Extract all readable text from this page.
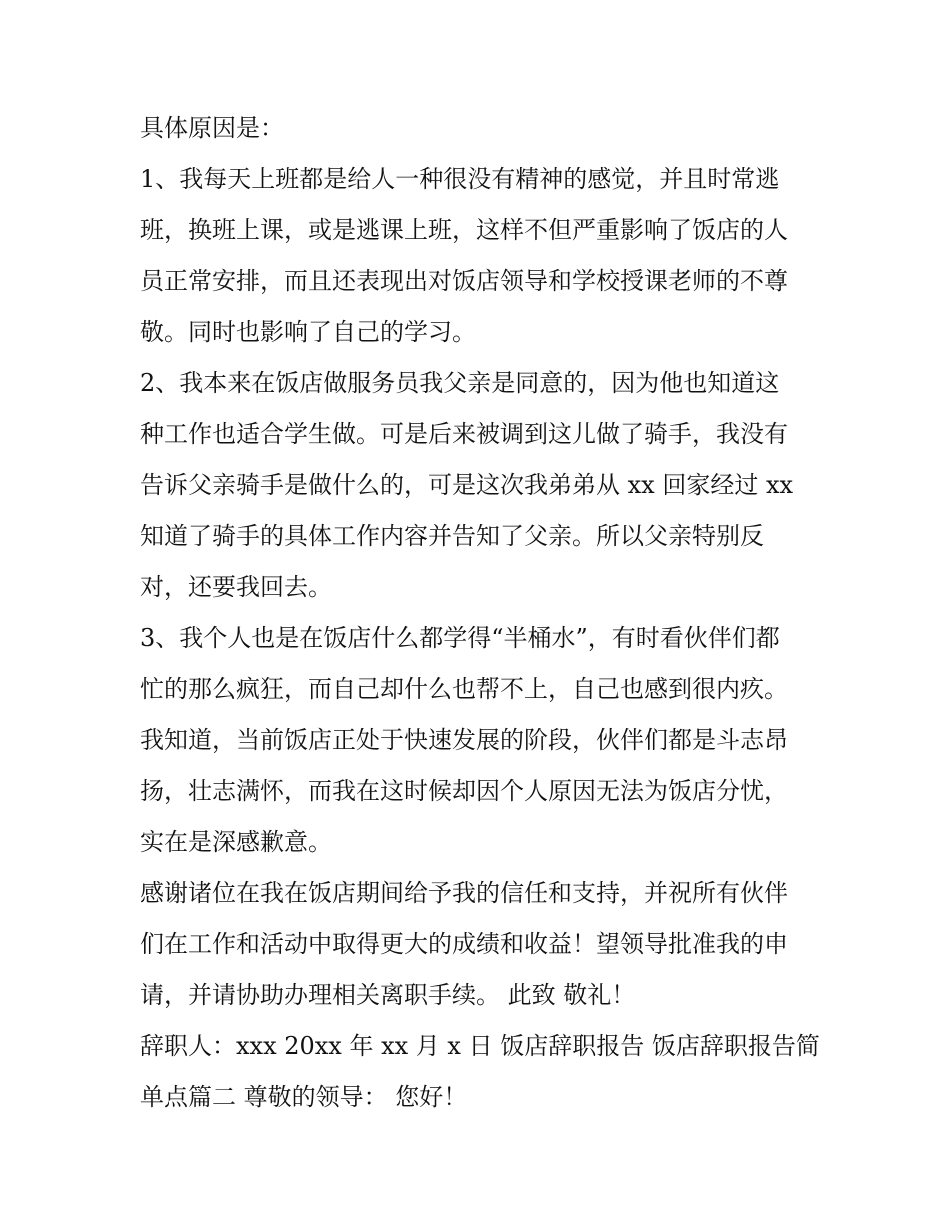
具体原因是：
1、我每天上班都是给人一种很没有精神的感觉，并且时常逃
班，换班上课，或是逃课上班，这样不但严重影响了饭店的人
员正常安排，而且还表现出对饭店领导和学校授课老师的不尊
敬。同时也影响了自己的学习。
2、我本来在饭店做服务员我父亲是同意的，因为他也知道这
种工作也适合学生做。可是后来被调到这儿做了骑手，我没有
告诉父亲骑手是做什么的，可是这次我弟弟从 xx 回家经过 xx
知道了骑手的具体工作内容并告知了父亲。所以父亲特别反
对，还要我回去。
3、我个人也是在饭店什么都学得“半桶水”，有时看伙伴们都
忙的那么疯狂，而自己却什么也帮不上，自己也感到很内疚。
我知道，当前饭店正处于快速发展的阶段，伙伴们都是斗志昂
扬，壮志满怀，而我在这时候却因个人原因无法为饭店分忧，
实在是深感歉意。
感谢诸位在我在饭店期间给予我的信任和支持，并祝所有伙伴
们在工作和活动中取得更大的成绩和收益！望领导批准我的申
请，并请协助办理相关离职手续。 此致 敬礼！
辞职人：xxx 20xx 年 xx 月 x 日 饭店辞职报告 饭店辞职报告简
单点篇二 尊敬的领导： 您好！
